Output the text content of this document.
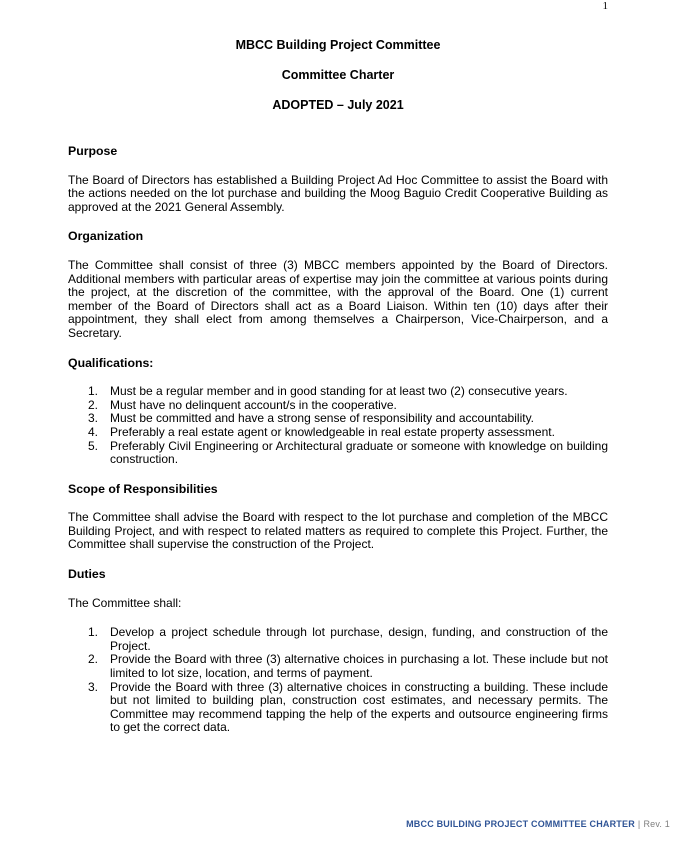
1
MBCC Building Project Committee
Committee Charter
ADOPTED – July 2021
Purpose
The Board of Directors has established a Building Project Ad Hoc Committee to assist the Board with the actions needed on the lot purchase and building the Moog Baguio Credit Cooperative Building as approved at the 2021 General Assembly.
Organization
The Committee shall consist of three (3) MBCC members appointed by the Board of Directors. Additional members with particular areas of expertise may join the committee at various points during the project, at the discretion of the committee, with the approval of the Board. One (1) current member of the Board of Directors shall act as a Board Liaison. Within ten (10) days after their appointment, they shall elect from among themselves a Chairperson, Vice-Chairperson, and a Secretary.
Qualifications:
1. Must be a regular member and in good standing for at least two (2) consecutive years.
2. Must have no delinquent account/s in the cooperative.
3. Must be committed and have a strong sense of responsibility and accountability.
4. Preferably a real estate agent or knowledgeable in real estate property assessment.
5. Preferably Civil Engineering or Architectural graduate or someone with knowledge on building construction.
Scope of Responsibilities
The Committee shall advise the Board with respect to the lot purchase and completion of the MBCC Building Project, and with respect to related matters as required to complete this Project. Further, the Committee shall supervise the construction of the Project.
Duties
The Committee shall:
1. Develop a project schedule through lot purchase, design, funding, and construction of the Project.
2. Provide the Board with three (3) alternative choices in purchasing a lot. These include but not limited to lot size, location, and terms of payment.
3. Provide the Board with three (3) alternative choices in constructing a building. These include but not limited to building plan, construction cost estimates, and necessary permits. The Committee may recommend tapping the help of the experts and outsource engineering firms to get the correct data.
MBCC BUILDING PROJECT COMMITTEE CHARTER | Rev. 1
